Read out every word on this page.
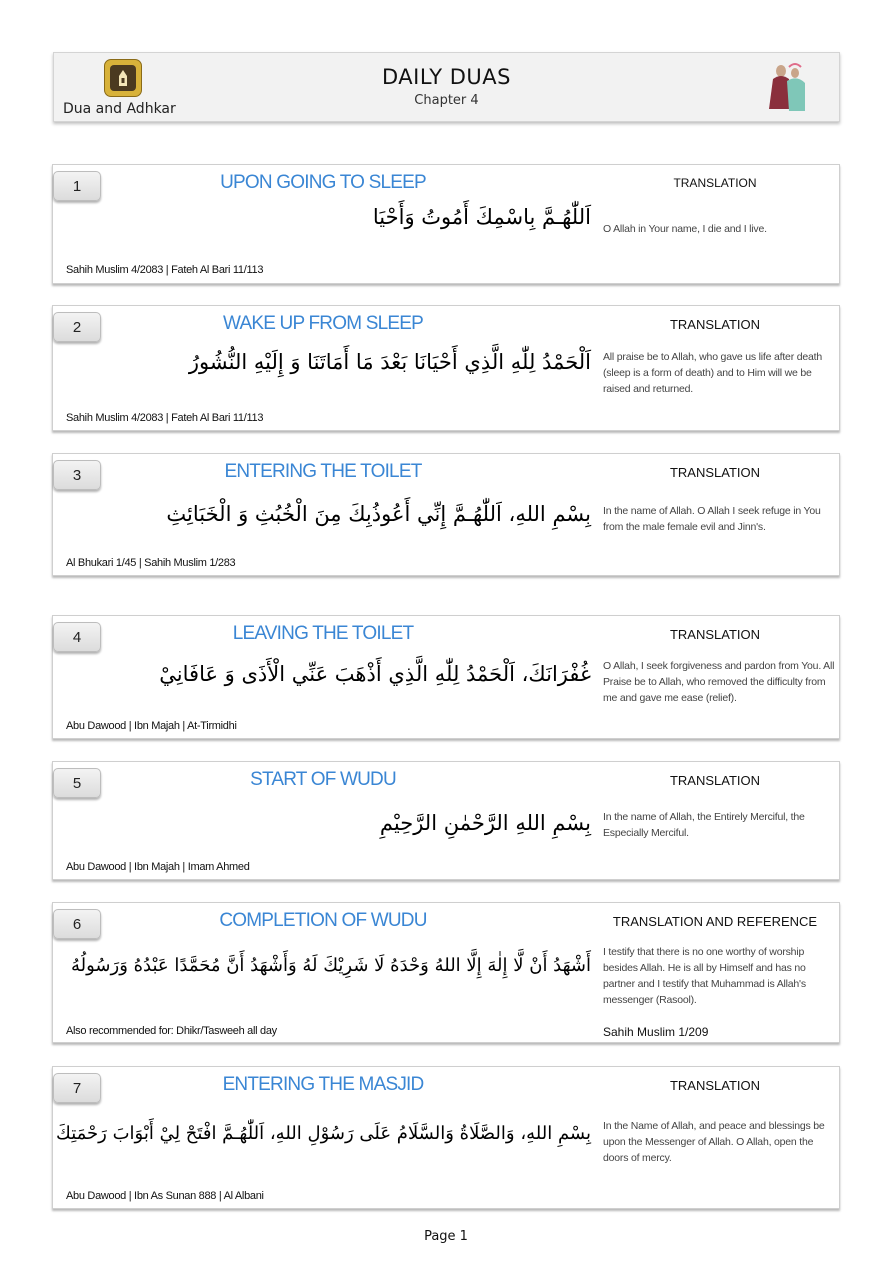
Dua and Adhkar
DAILY DUAS
Chapter 4
1	UPON GOING TO SLEEP
اَللّٰهُـمَّ بِاسْمِكَ أَمُوتُ وَأَحْيَا
Sahih Muslim 4/2083 | Fateh Al Bari 11/113
TRANSLATION
O Allah in Your name, I die and I live.
2	WAKE UP FROM SLEEP
اَلْحَمْدُ لِلّٰهِ الَّذِي أَحْيَانَا بَعْدَ مَا أَمَاتَنَا وَ إِلَيْهِ النُّشُورُ
Sahih Muslim 4/2083 | Fateh Al Bari 11/113
TRANSLATION
All praise be to Allah, who gave us life after death (sleep is a form of death) and to Him will we be raised and returned.
3	ENTERING THE TOILET
بِسْمِ اللهِ، اَللّٰهُـمَّ إِنِّي أَعُوذُبِكَ مِنَ الْخُبُثِ وَ الْخَبَائِثِ
Al Bhukari 1/45 | Sahih Muslim 1/283
TRANSLATION
In the name of Allah. O Allah I seek refuge in You from the male female evil and Jinn's.
4	LEAVING THE TOILET
غُفْرَانَكَ، اَلْحَمْدُ لِلّٰهِ الَّذِي أَذْهَبَ عَنِّي الْأَذَى وَ عَافَانِيْ
Abu Dawood | Ibn Majah | At-Tirmidhi
TRANSLATION
O Allah, I seek forgiveness and pardon from You. All Praise be to Allah, who removed the difficulty from me and gave me ease (relief).
5	START OF WUDU
بِسْمِ اللهِ الرَّحْمٰنِ الرَّحِيْمِ
Abu Dawood | Ibn Majah | Imam Ahmed
TRANSLATION
In the name of Allah, the Entirely Merciful, the Especially Merciful.
6	COMPLETION OF WUDU
أَشْهَدُ أَنْ لَّا إِلٰهَ إِلَّا اللهُ وَحْدَهُ لَا شَرِيْكَ لَهُ وَأَشْهَدُ أَنَّ مُحَمَّدًا عَبْدُهُ وَرَسُولُهُ
Also recommended for: Dhikr/Tasweeh all day
TRANSLATION AND REFERENCE
I testify that there is no one worthy of worship besides Allah. He is all by Himself and has no partner and I testify that Muhammad is Allah's messenger (Rasool).
Sahih Muslim 1/209
7	ENTERING THE MASJID
بِسْمِ اللهِ، وَالصَّلَاةُ وَالسَّلَامُ عَلَى رَسُوْلِ اللهِ، اَللّٰهُـمَّ افْتَحْ لِيْ أَبْوَابَ رَحْمَتِكَ
Abu Dawood | Ibn As Sunan 888 | Al Albani
TRANSLATION
In the Name of Allah, and peace and blessings be upon the Messenger of Allah. O Allah, open the doors of mercy.
Page 1
